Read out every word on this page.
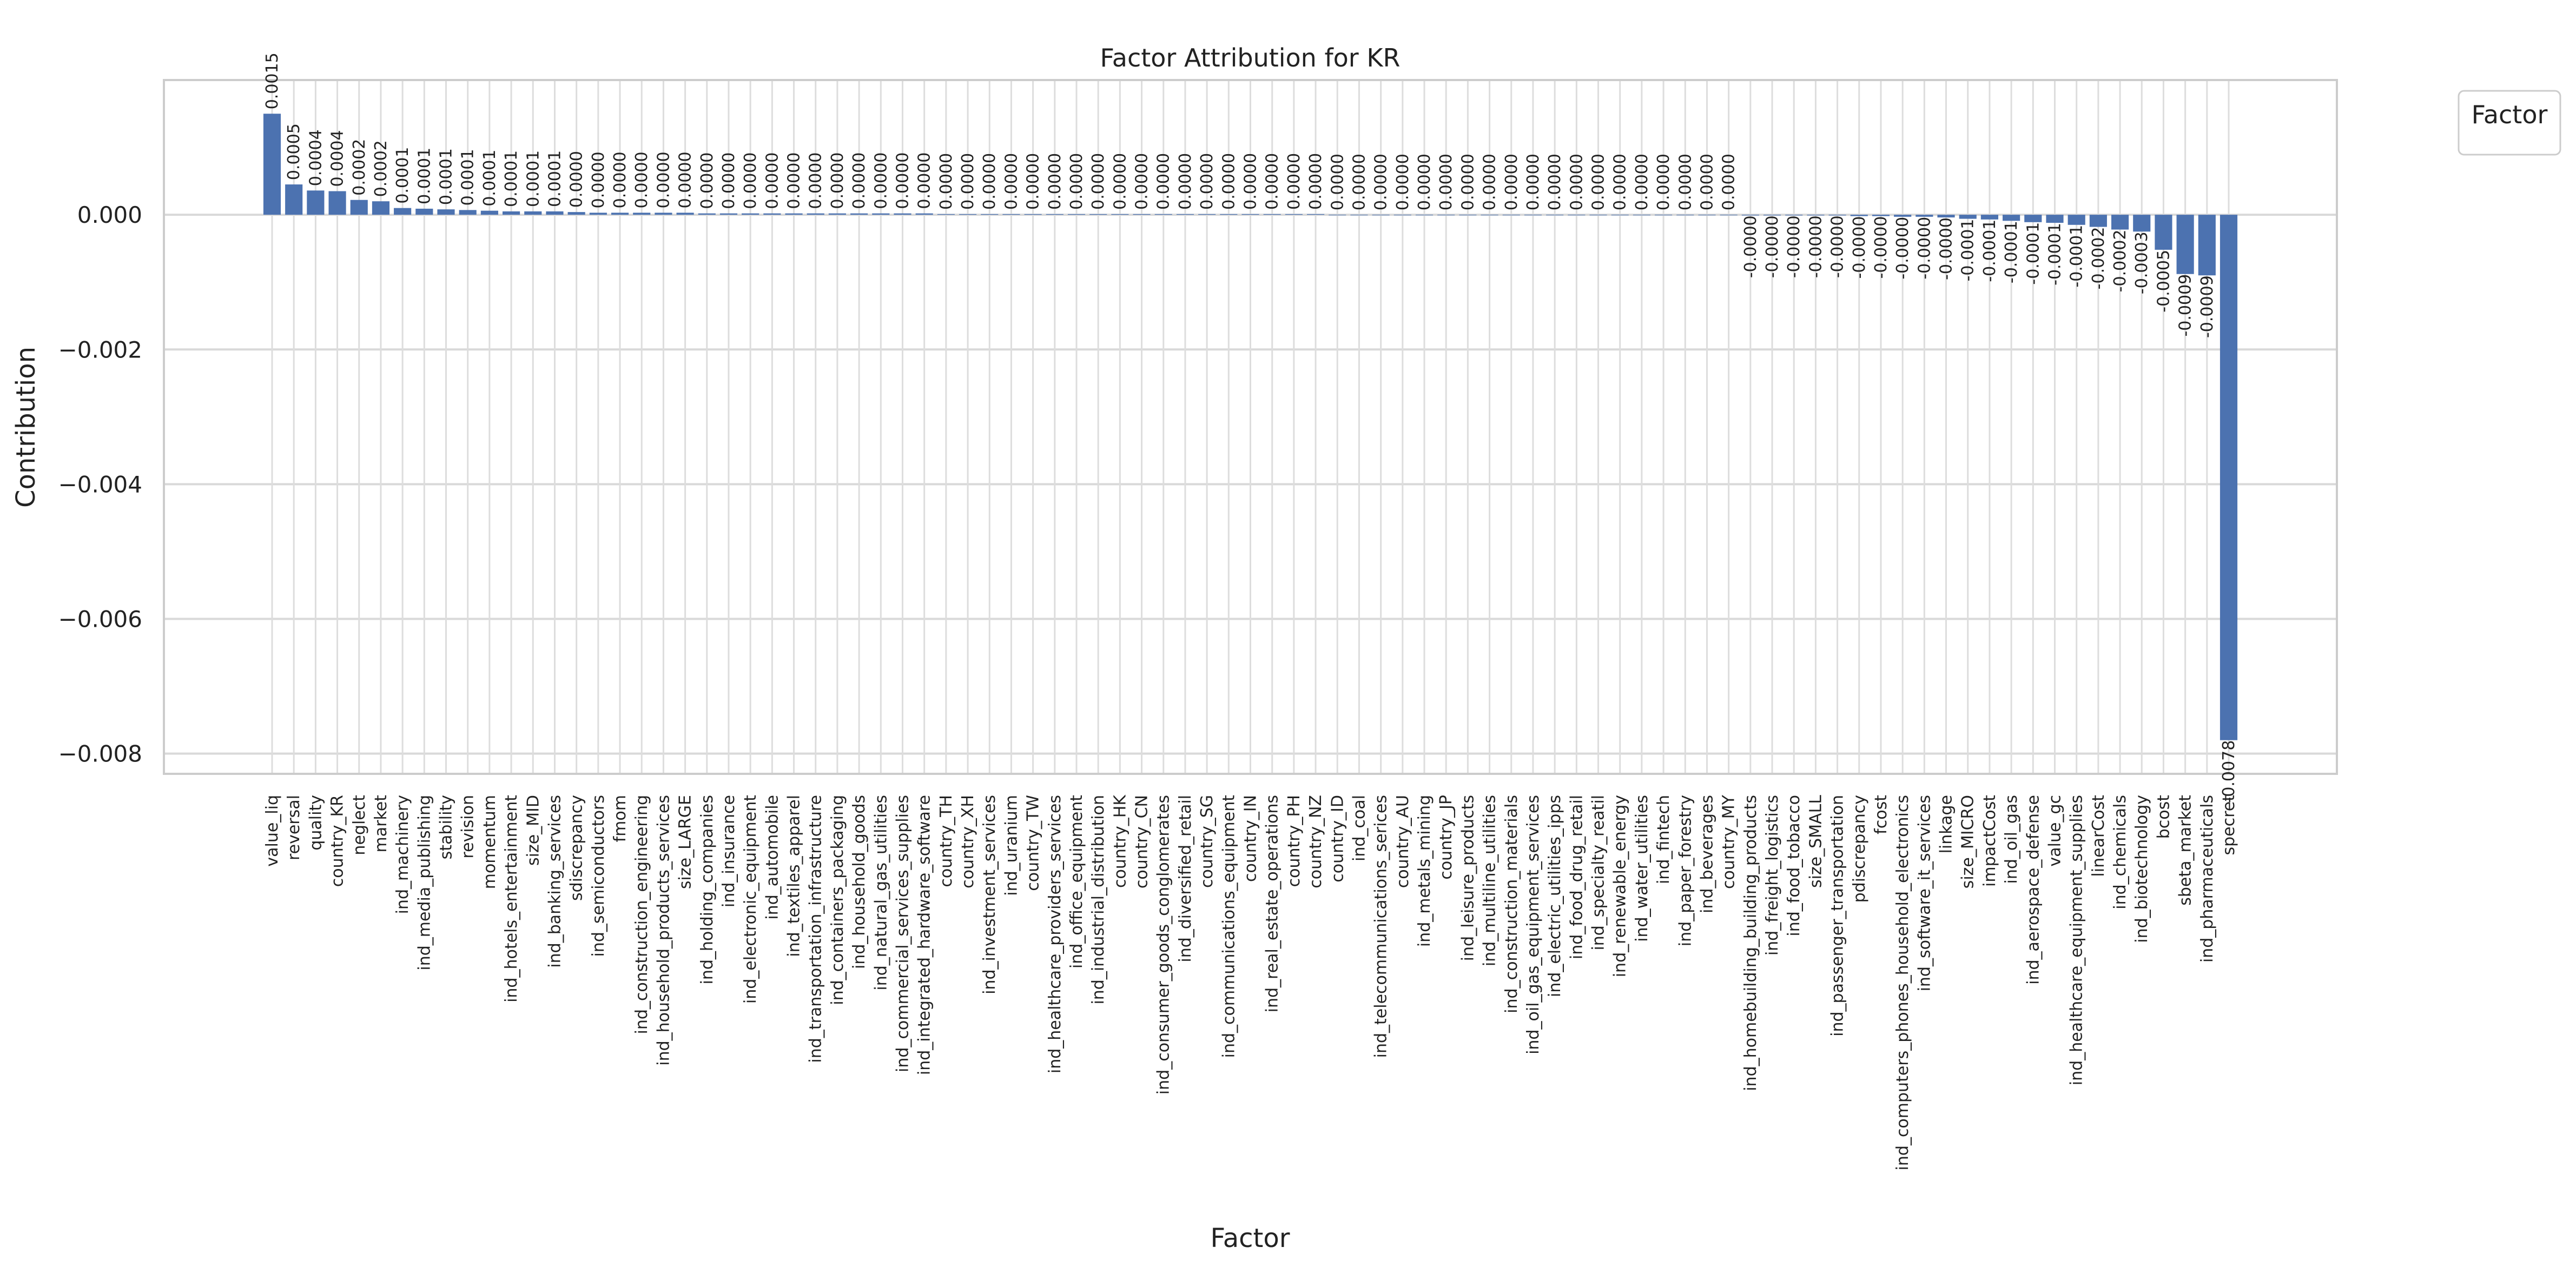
0.0015
0.0005 0.0004 0.0004 0.0002 0.0002 0.0001 0.0001 0.0001 0.0001 0.0001 0.0001 0.0001 0.0001 0.0000 0.0000 0.0000 0.0000 0.0000 0.0000 0.0000 0.0000 0.0000 0.0000 0.0000 0.0000 0.0000 0.0000 0.0000 0.0000 0.0000 0.0000 0.0000 0.0000 0.0000 0.0000 0.0000 0.0000 0.0000 0.0000 0.0000 0.0000 0.0000 0.0000 0.0000 0.0000 0.0000 0.0000 0.0000 0.0000 0.0000 0.0000 0.0000 0.0000 0.0000 0.0000 0.0000 0.0000 0.0000 0.0000 0.0000 0.0000 0.0000 0.0000 0.0000 0.0000 0.0000 0.0000
-0.0000 -0.0000 -0.0000 -0.0000 -0.0000 -0.0000 -0.0000 -0.0000 -0.0000 -0.0000 -0.0001 -0.0001 -0.0001 -0.0001 -0.0001 -0.0001 -0.0002 -0.0002 -0.0003 -0.0005 -0.0009 -0.0009
-0.0078
0.000
−0.002
−0.004
−0.006
−0.008
value_liq reversal quality country_KR neglect market ind_machinery ind_media_publishing stability revision momentum ind_hotels_entertainment size_MID ind_banking_services sdiscrepancy ind_semiconductors fmom ind_construction_engineering ind_household_products_services size_LARGE ind_holding_companies ind_insurance ind_electronic_equipment ind_automobile ind_textiles_apparel ind_transportation_infrastructure ind_containers_packaging ind_household_goods ind_natural_gas_utilities ind_commercial_services_supplies ind_integrated_hardware_software country_TH country_XH ind_investment_services ind_uranium country_TW ind_healthcare_providers_services ind_office_equipment ind_industrial_distribution country_HK country_CN ind_consumer_goods_conglomerates ind_diversified_retail country_SG ind_communications_equipment country_IN ind_real_estate_operations country_PH country_NZ country_ID ind_coal ind_telecommunications_serices country_AU ind_metals_mining country_JP ind_leisure_products ind_multiline_utilities ind_construction_materials ind_oil_gas_equipment_services ind_electric_utilities_ipps ind_food_drug_retail ind_specialty_reatil ind_renewable_energy ind_water_utilities ind_fintech ind_paper_forestry ind_beverages country_MY ind_homebuilding_building_products ind_freight_logistics ind_food_tobacco size_SMALL ind_passenger_transportation pdiscrepancy fcost ind_computers_phones_household_electronics ind_software_it_services linkage size_MICRO impactCost ind_oil_gas ind_aerospace_defense value_gc ind_healthcare_equipment_supplies linearCost ind_chemicals ind_biotechnology bcost sbeta_market ind_pharmaceuticals specret
Factor Attribution for KR
Factor
Contribution
Factor
